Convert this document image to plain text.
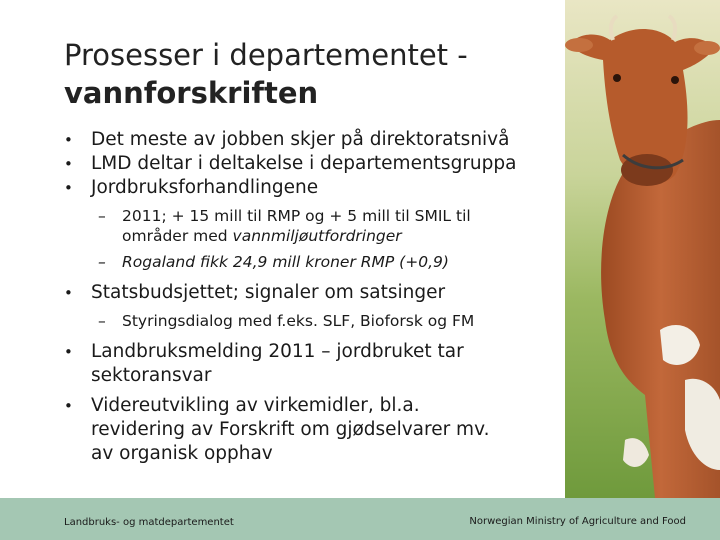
Prosesser i departementet -
vannforskriften
• Det meste av jobben skjer på direktoratsnivå
• LMD deltar i deltakelse i departementsgruppa
• Jordbruksforhandlingene
– 2011; + 15 mill til RMP og + 5 mill til SMIL til
områder med vannmiljøutfordringer
– Rogaland fikk 24,9 mill kroner RMP (+0,9)
• Statsbudsjettet; signaler om satsinger
– Styringsdialog med f.eks. SLF, Bioforsk og FM
• Landbruksmelding 2011 – jordbruket tar
sektoransvar
• Videreutvikling av virkemidler, bl.a.
revidering av Forskrift om gjødselvarer mv.
av organisk opphav
Landbruks- og matdepartementet	Norwegian Ministry of Agriculture and Food
